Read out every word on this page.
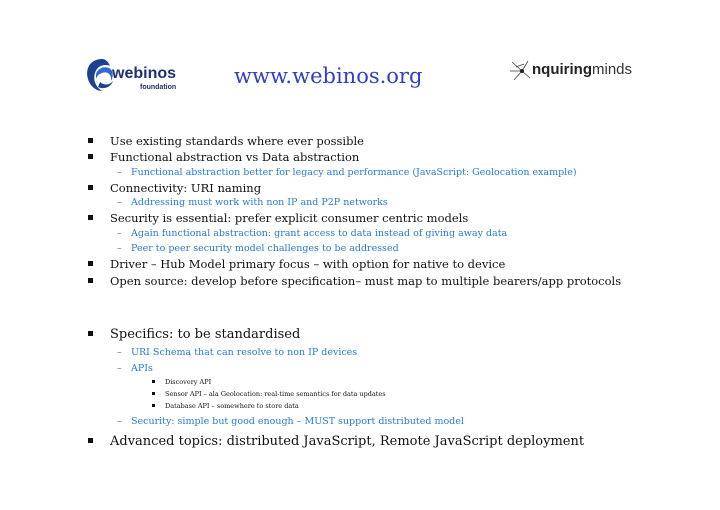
webinos
foundation	www.webinos.org	nquiringminds
Use existing standards where ever possible
Functional abstraction vs Data abstraction
– Functional abstraction better for legacy and performance (JavaScript: Geolocation example)
Connectivity: URI naming
– Addressing must work with non IP and P2P networks
Security is essential: prefer explicit consumer centric models
– Again functional abstraction: grant access to data instead of giving away data
– Peer to peer security model challenges to be addressed
Driver – Hub Model primary focus – with option for native to device
Open source: develop before specification– must map to multiple bearers/app protocols
Specifics: to be standardised
– URI Schema that can resolve to non IP devices
– APIs
Discovery API
Sensor API – ala Geolocation: real-time semantics for data updates
Database API – somewhere to store data
– Security: simple but good enough – MUST support distributed model
Advanced topics: distributed JavaScript, Remote JavaScript deployment
